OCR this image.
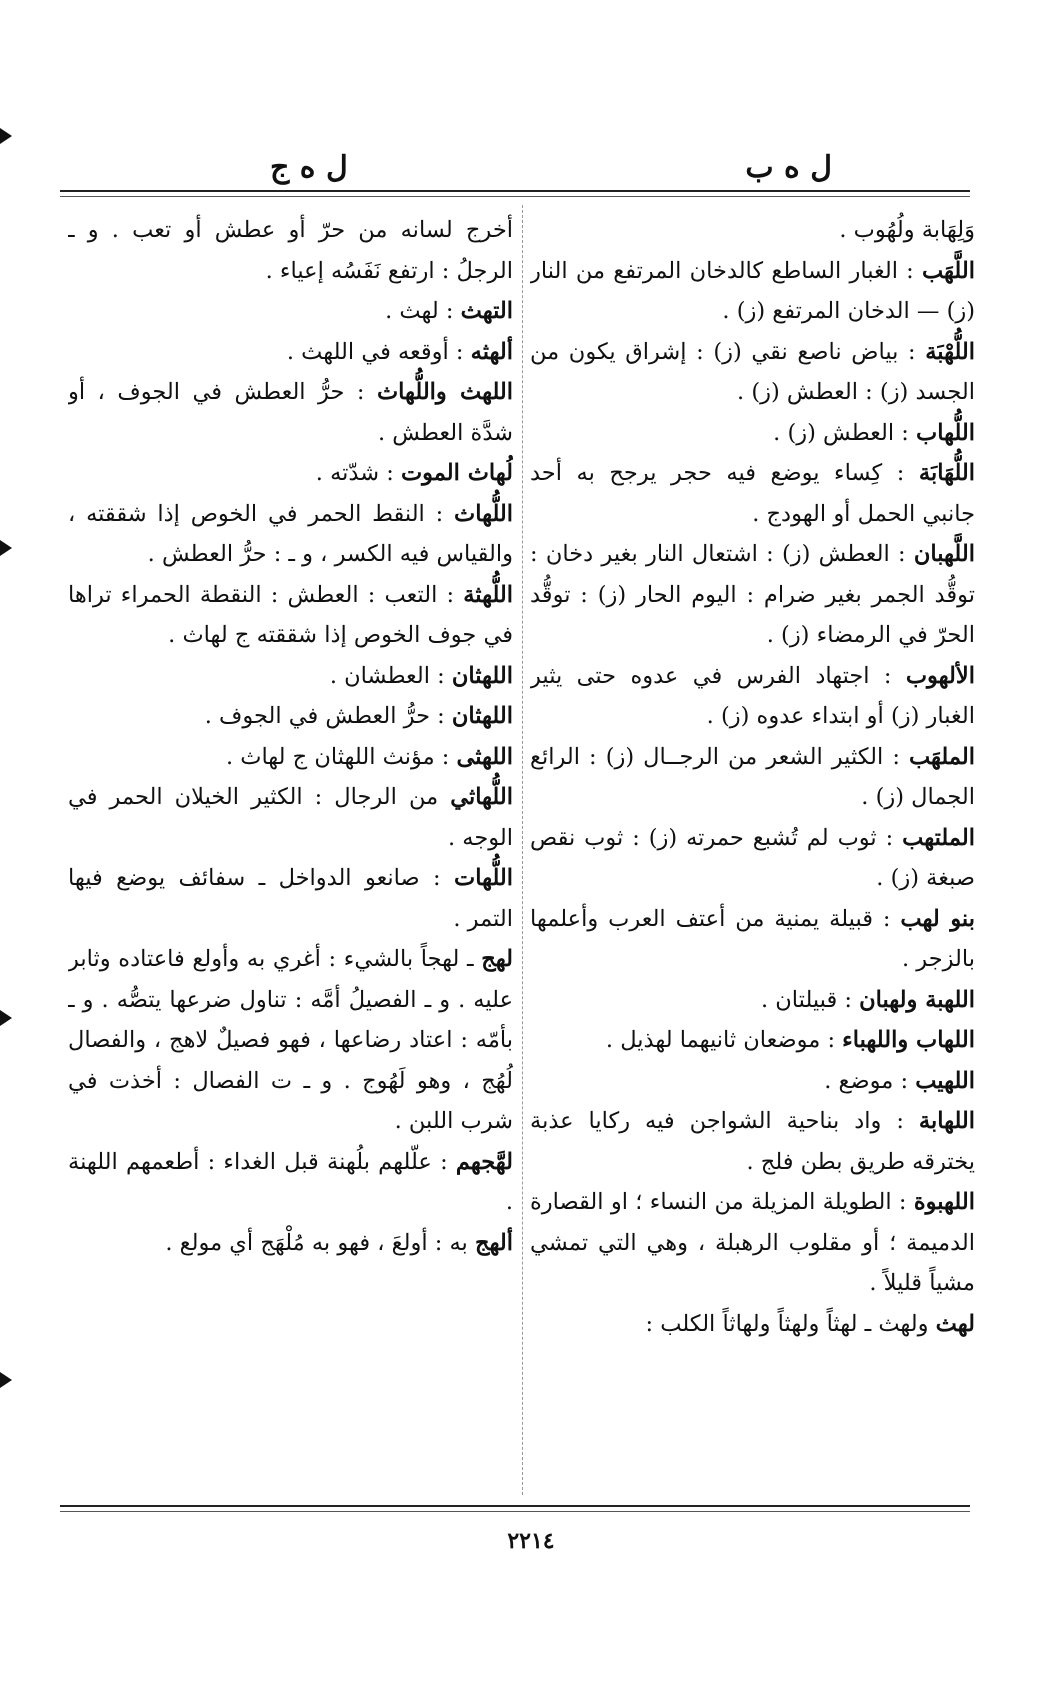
ل ه ب
ل ه ج

وَلِهَابة ولُهُوب .

اللَّهَب : الغبار الساطع كالدخان المرتفع من النار (ز) — الدخان المرتفع (ز) .

اللُّهْبَة : بياض ناصع نقي (ز) : إشراق يكون من الجسد (ز) : العطش (ز) .

اللُّهاب : العطش (ز) .

اللُّهَابَة : كِساء يوضع فيه حجر يرجح به أحد جانبي الحمل أو الهودج .

اللَّهبان : العطش (ز) : اشتعال النار بغير دخان : توقُّد الجمر بغير ضرام : اليوم الحار (ز) : توقُّد الحرّ في الرمضاء (ز) .

الألهوب : اجتهاد الفرس في عدوه حتى يثير الغبار (ز) أو ابتداء عدوه (ز) .

الملهَب : الكثير الشعر من الرجــال (ز) : الرائع الجمال (ز) .

الملتهب : ثوب لم تُشبع حمرته (ز) : ثوب نقص صبغة (ز) .

بنو لهب : قبيلة يمنية من أعتف العرب وأعلمها بالزجر .

اللهبة ولهبان : قبيلتان .

اللهاب واللهباء : موضعان ثانيهما لهذيل .

اللهيب : موضع .

اللهابة : واد بناحية الشواجن فيه ركايا عذبة يخترقه طريق بطن فلج .

اللهبوة : الطويلة المزيلة من النساء ؛ او القصارة الدميمة ؛ أو مقلوب الرهبلة ، وهي التي تمشي مشياً قليلاً .

لهث ولهث ـ لهثاً ولهثاً ولهاثاً الكلب :

أخرج لسانه من حرّ أو عطش أو تعب . و ـ الرجلُ : ارتفع نَفَسُه إعياء .

التهث : لهث .

ألهثه : أوقعه في اللهث .

اللهث واللُّهاث : حرُّ العطش في الجوف ، أو شدَّة العطش .

لُهاث الموت : شدّته .

اللُّهاث : النقط الحمر في الخوص إذا شققته ، والقياس فيه الكسر ، و ـ : حرُّ العطش .

اللُّهثة : التعب : العطش : النقطة الحمراء تراها في جوف الخوص إذا شققته ج لهاث .

اللهثان : العطشان .

اللهثان : حرُّ العطش في الجوف .

اللهثى : مؤنث اللهثان ج لهاث .

اللُّهاثي من الرجال : الكثير الخيلان الحمر في الوجه .

اللُّهات : صانعو الدواخل ـ سفائف يوضع فيها التمر .

لهج ـ لهجاً بالشيء : أغري به وأولع فاعتاده وثابر عليه . و ـ الفصيلُ أمَّه : تناول ضرعها يتصُّه . و ـ بأمّه : اعتاد رضاعها ، فهو فصيلٌ لاهج ، والفصال لُهُج ، وهو لَهُوج . و ـ ت الفصال : أخذت في شرب اللبن .

لهَّجهم : علّلهم بلُهنة قبل الغداء : أطعمهم اللهنة .

ألهج به : أولعَ ، فهو به مُلْهَج أي مولع .

٢٢١٤
